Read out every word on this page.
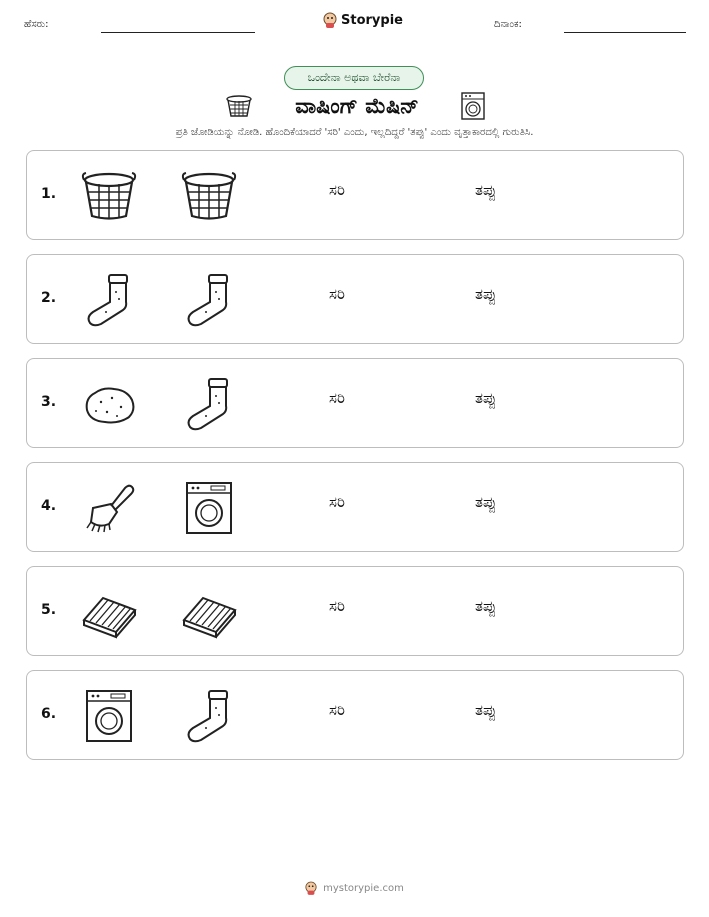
ಹೆಸರು:	Storypie	ದಿನಾಂಕ:
ಒಂದೇನಾ ಅಥವಾ ಬೇರೆನಾ
ವಾಷಿಂಗ್ ಮೆಷಿನ್
ಪ್ರತಿ ಜೋಡಿಯನ್ನು ನೋಡಿ. ಹೊಂದಿಕೆಯಾದರೆ 'ಸರಿ' ಎಂದು, ಇಲ್ಲದಿದ್ದರೆ 'ತಪ್ಪು' ಎಂದು ವೃತ್ತಾಕಾರದಲ್ಲಿ ಗುರುತಿಸಿ.
1.	ಸರಿ	ತಪ್ಪು
2.	ಸರಿ	ತಪ್ಪು
3.	ಸರಿ	ತಪ್ಪು
4.	ಸರಿ	ತಪ್ಪು
5.	ಸರಿ	ತಪ್ಪು
6.	ಸರಿ	ತಪ್ಪು
mystorypie.com
